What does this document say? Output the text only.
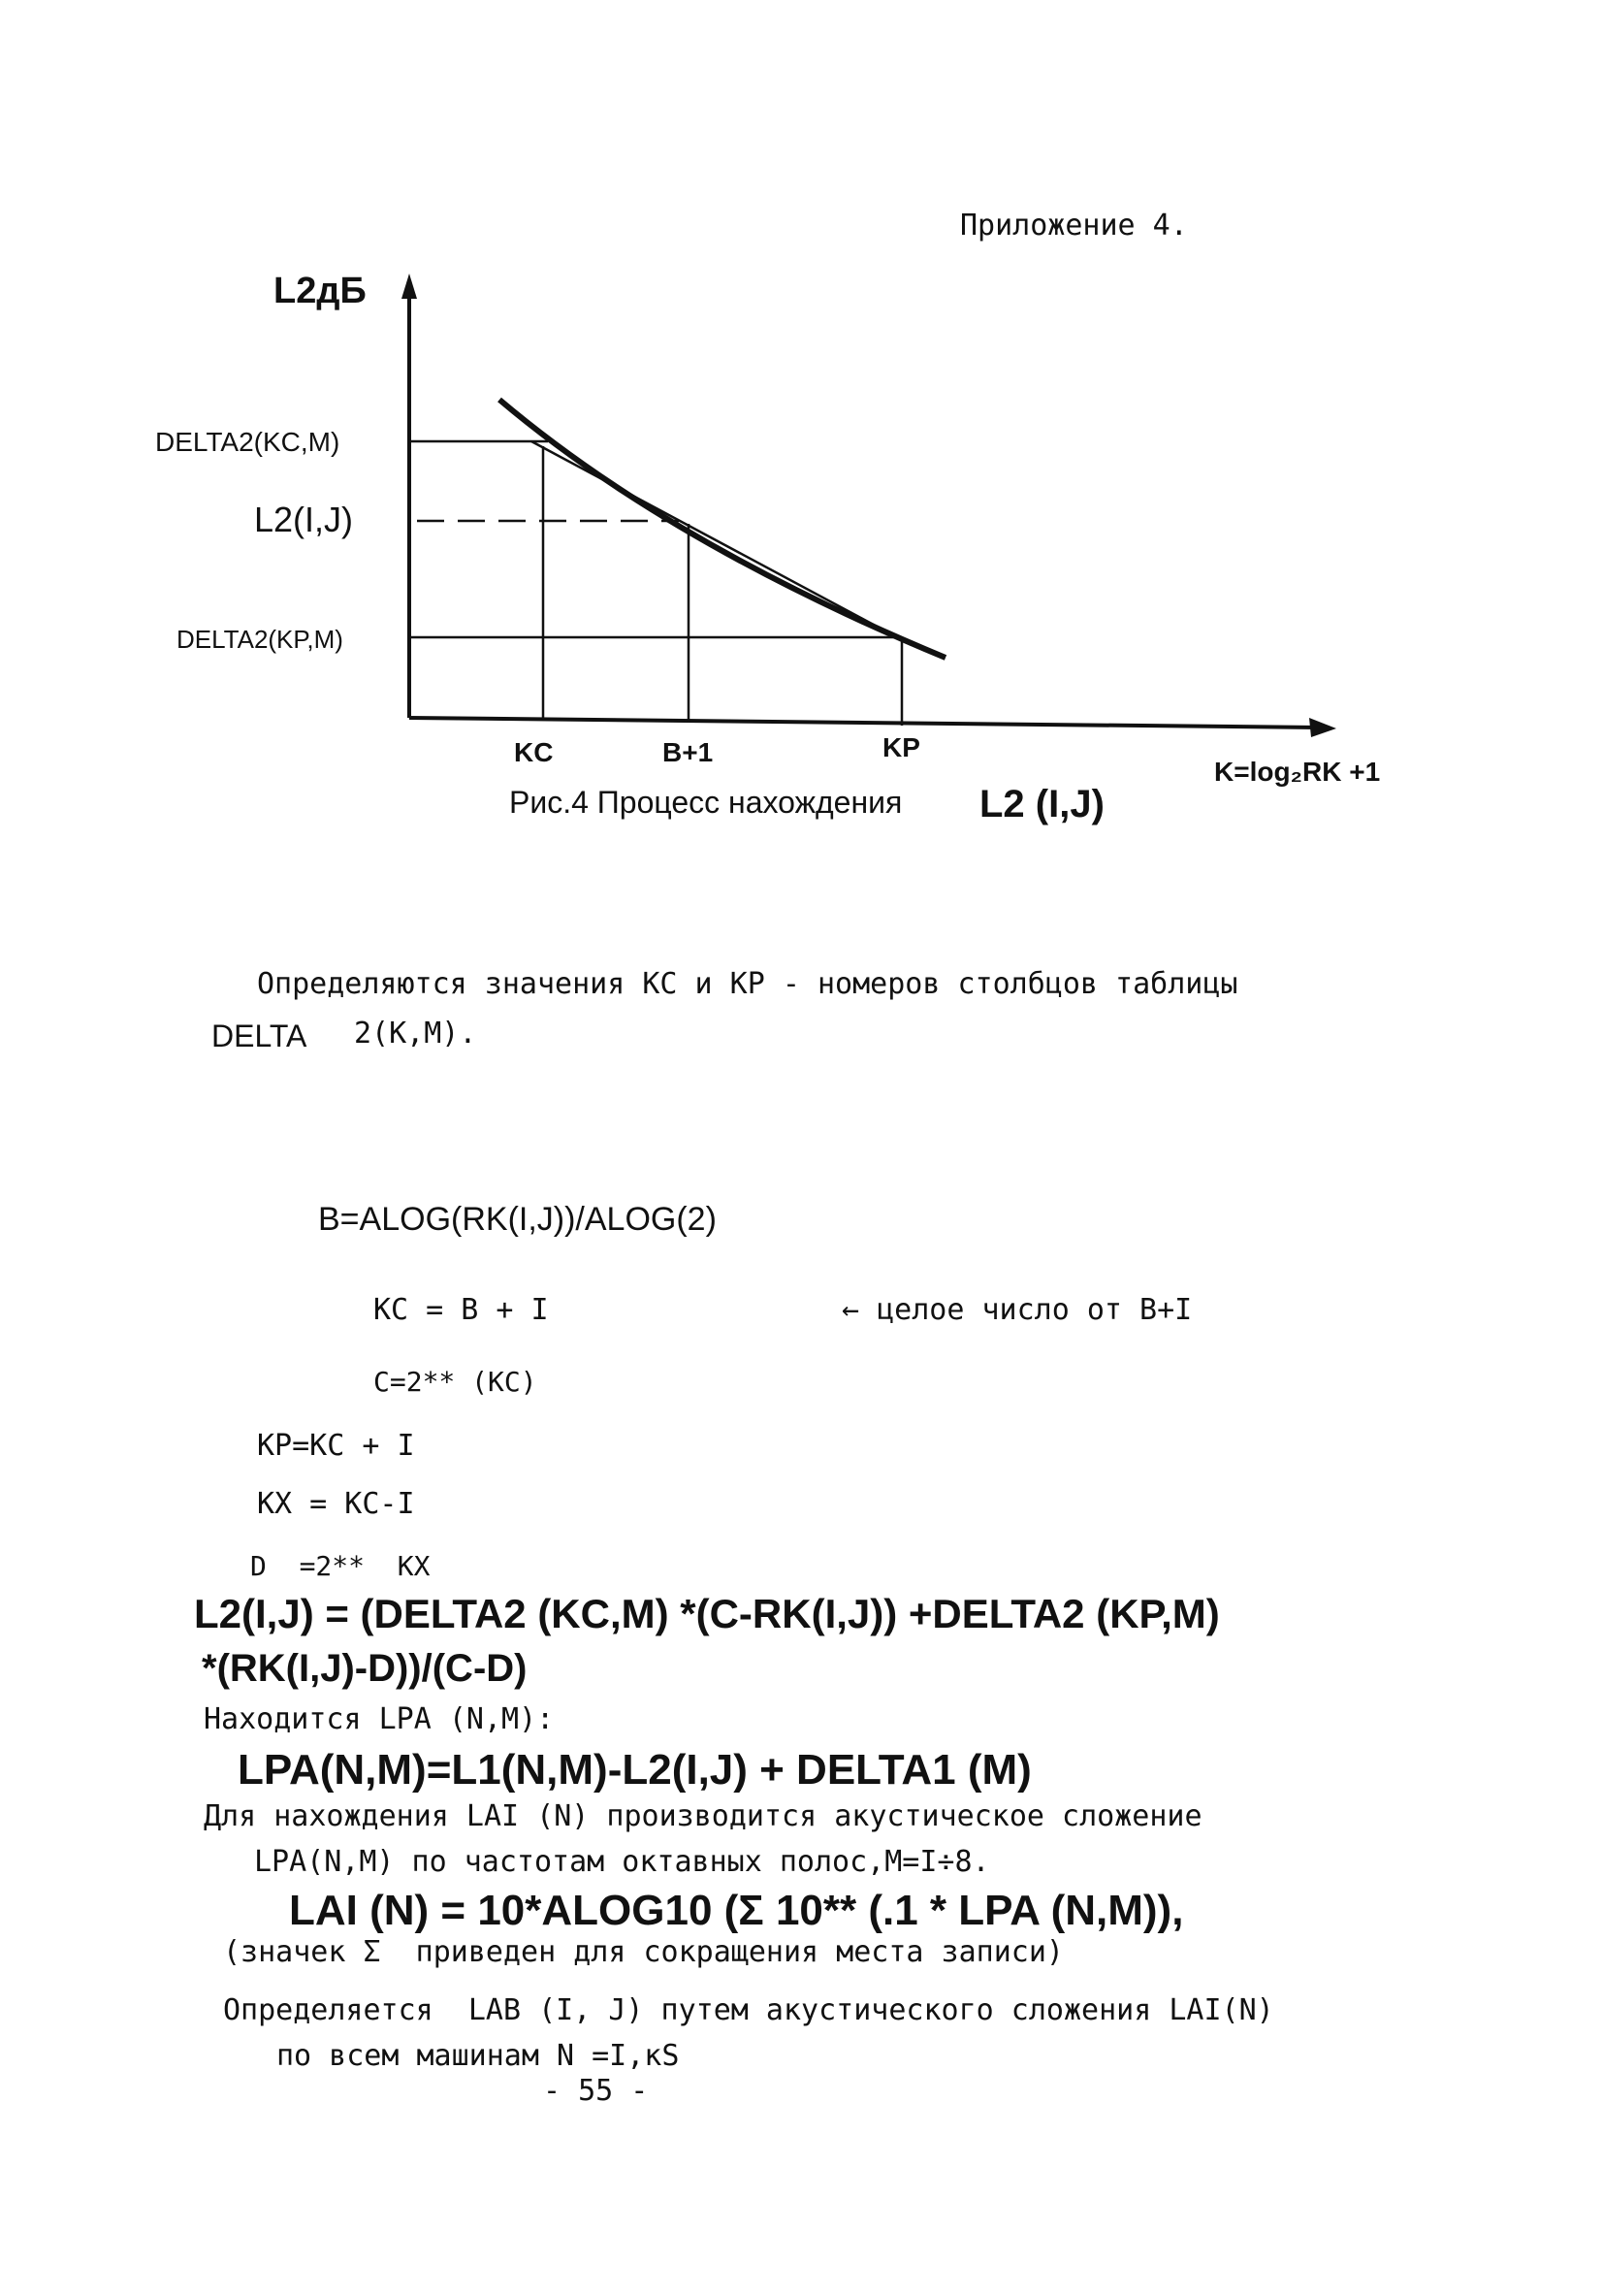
Приложение 4.
L2дБ
K=log₂RK +1
DELTA2(KC,M)
L2(I,J)
DELTA2(KP,M)
KC	B+1	KP
Рис.4 Процесс нахождения L2 (I,J)
Определяются значения КС и КР - номеров столбцов таблицы
DELTA 2(K,M).
B=ALOG(RK(I,J))/ALOG(2)
KC = B + I	← целое число от B+I
C=2** (KC)
KP=KC + I
KX = KC-I
D  =2**  KX
L2(I,J) = (DELTA2 (KC,M) *(C-RK(I,J)) +DELTA2 (KP,M)
*(RK(I,J)-D))/(C-D)
Находится LPA (N,M):
LPA(N,M)=L1(N,M)-L2(I,J) + DELTA1 (M)
Для нахождения LAI (N) производится акустическое сложение
LPA(N,M) по частотам октавных полос,M=I÷8.
LAI (N) = 10*ALOG10 (Σ 10** (.1 * LPA (N,M)),
(значек Σ  приведен для сокращения места записи)
Определяется  LAB (I, J) путем акустического сложения LAI(N)
по всем машинам N =I,кS
- 55 -
